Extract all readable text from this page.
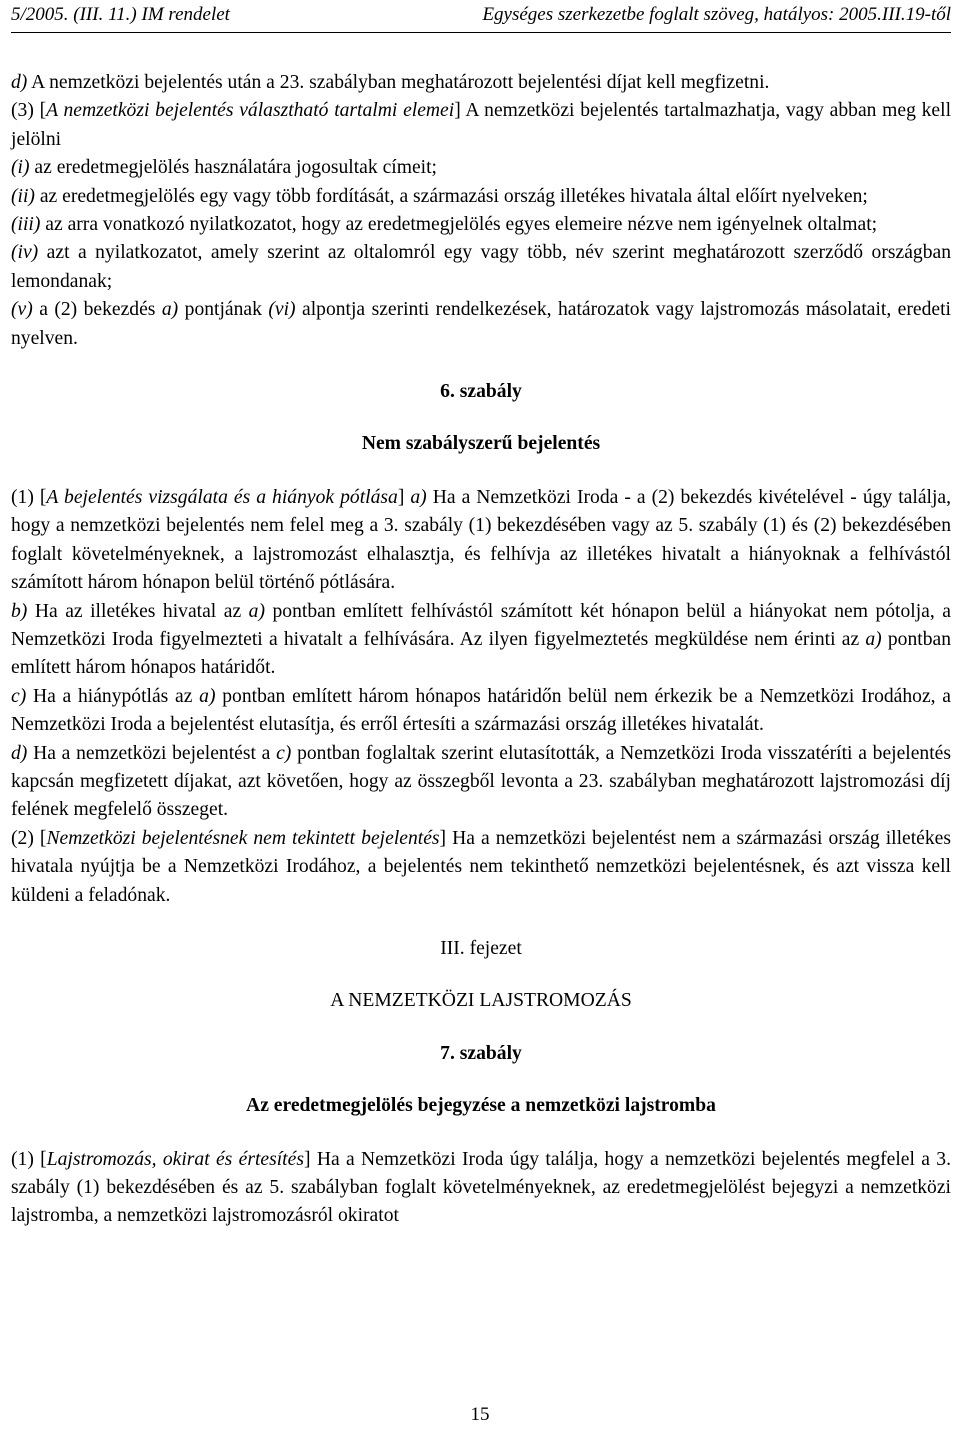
5/2005. (III. 11.) IM rendelet	Egységes szerkezetbe foglalt szöveg, hatályos: 2005.III.19-től

d) A nemzetközi bejelentés után a 23. szabályban meghatározott bejelentési díjat kell megfizetni.

(3) [A nemzetközi bejelentés választható tartalmi elemei] A nemzetközi bejelentés tartalmazhatja, vagy abban meg kell jelölni

(i) az eredetmegjelölés használatára jogosultak címeit;

(ii) az eredetmegjelölés egy vagy több fordítását, a származási ország illetékes hivatala által előírt nyelveken;

(iii) az arra vonatkozó nyilatkozatot, hogy az eredetmegjelölés egyes elemeire nézve nem igényelnek oltalmat;

(iv) azt a nyilatkozatot, amely szerint az oltalomról egy vagy több, név szerint meghatározott szerződő országban lemondanak;

(v) a (2) bekezdés a) pontjának (vi) alpontja szerinti rendelkezések, határozatok vagy lajstromozás másolatait, eredeti nyelven.

6. szabály

Nem szabályszerű bejelentés

(1) [A bejelentés vizsgálata és a hiányok pótlása] a) Ha a Nemzetközi Iroda - a (2) bekezdés kivételével - úgy találja, hogy a nemzetközi bejelentés nem felel meg a 3. szabály (1) bekezdésében vagy az 5. szabály (1) és (2) bekezdésében foglalt követelményeknek, a lajstromozást elhalasztja, és felhívja az illetékes hivatalt a hiányoknak a felhívástól számított három hónapon belül történő pótlására.

b) Ha az illetékes hivatal az a) pontban említett felhívástól számított két hónapon belül a hiányokat nem pótolja, a Nemzetközi Iroda figyelmezteti a hivatalt a felhívására. Az ilyen figyelmeztetés megküldése nem érinti az a) pontban említett három hónapos határidőt.

c) Ha a hiánypótlás az a) pontban említett három hónapos határidőn belül nem érkezik be a Nemzetközi Irodához, a Nemzetközi Iroda a bejelentést elutasítja, és erről értesíti a származási ország illetékes hivatalát.

d) Ha a nemzetközi bejelentést a c) pontban foglaltak szerint elutasították, a Nemzetközi Iroda visszatéríti a bejelentés kapcsán megfizetett díjakat, azt követően, hogy az összegből levonta a 23. szabályban meghatározott lajstromozási díj felének megfelelő összeget.

(2) [Nemzetközi bejelentésnek nem tekintett bejelentés] Ha a nemzetközi bejelentést nem a származási ország illetékes hivatala nyújtja be a Nemzetközi Irodához, a bejelentés nem tekinthető nemzetközi bejelentésnek, és azt vissza kell küldeni a feladónak.

III. fejezet

A NEMZETKÖZI LAJSTROMOZÁS

7. szabály

Az eredetmegjelölés bejegyzése a nemzetközi lajstromba

(1) [Lajstromozás, okirat és értesítés] Ha a Nemzetközi Iroda úgy találja, hogy a nemzetközi bejelentés megfelel a 3. szabály (1) bekezdésében és az 5. szabályban foglalt követelményeknek, az eredetmegjelölést bejegyzi a nemzetközi lajstromba, a nemzetközi lajstromozásról okiratot

15
